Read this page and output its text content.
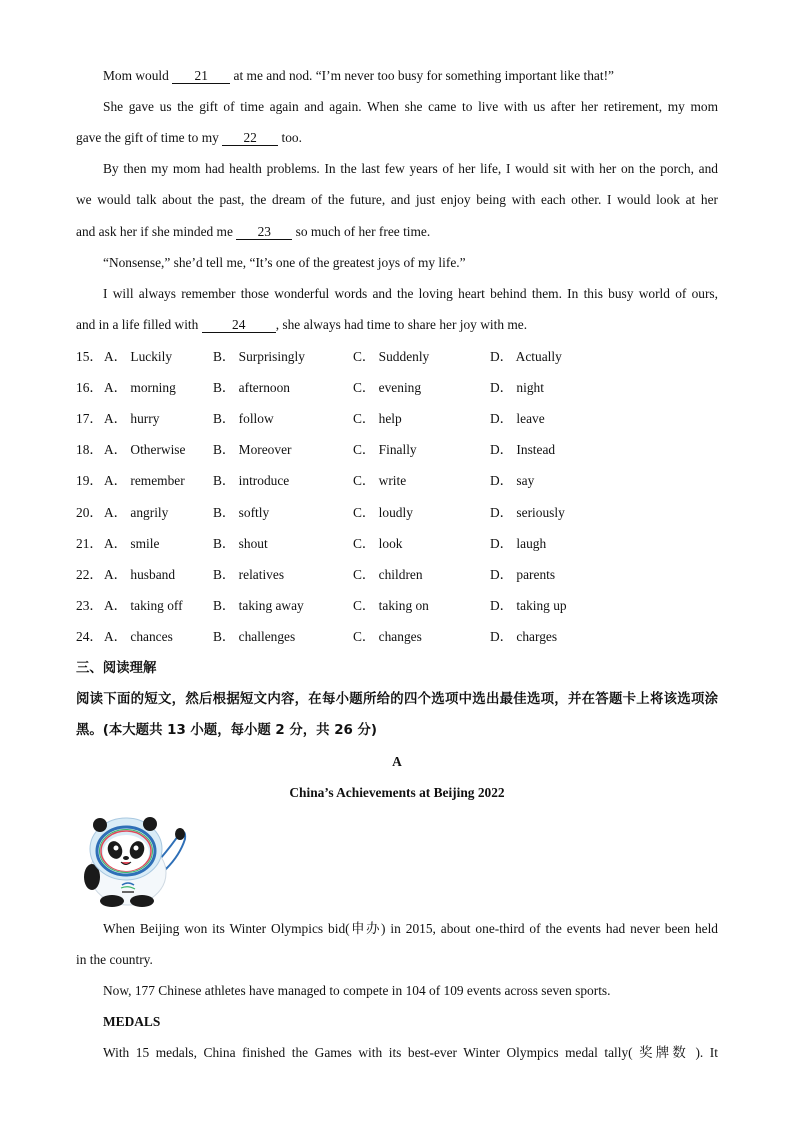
Mom would 21 at me and nod. “I’m never too busy for something important like that!”
She gave us the gift of time again and again. When she came to live with us after her retirement, my mom
gave the gift of time to my 22 too.
By then my mom had health problems. In the last few years of her life, I would sit with her on the porch, and
we would talk about the past, the dream of the future, and just enjoy being with each other. I would look at her
and ask her if she minded me 23 so much of her free time.
“Nonsense,” she’d tell me, “It’s one of the greatest joys of my life.”
I will always remember those wonderful words and the loving heart behind them. In this busy world of ours,
and in a life filled with 24 , she always had time to share her joy with me.
15． A． Luckily	B． Surprisingly	C． Suddenly	D． Actually
16． A． morning	B． afternoon	C． evening	D． night
17． A． hurry	B． follow	C． help	D． leave
18． A． Otherwise B． Moreover	C． Finally	D． Instead
19． A． remember B． introduce	C． write	D． say
20． A． angrily	B． softly	C． loudly	D． seriously
21． A． smile	B． shout	C． look	D． laugh
22． A． husband	B． relatives	C． children	D． parents
23． A． taking off B． taking away	C． taking on	D． taking up
24． A． chances	B． challenges	C． changes	D． charges
三、阅读理解
阅读下面的短文，然后根据短文内容，在每小题所给的四个选项中选出最佳选项，并在答题卡上将该选项涂
黑。(本大题共 13 小题，每小题 2 分，共 26 分)
A
China’s Achievements at Beijing 2022
When Beijing won its Winter Olympics bid(申办) in 2015, about one-third of the events had never been held
in the country.
Now, 177 Chinese athletes have managed to compete in 104 of 109 events across seven sports.
MEDALS
With 15 medals, China finished the Games with its best-ever Winter Olympics medal tally( 奖牌数 ). It
